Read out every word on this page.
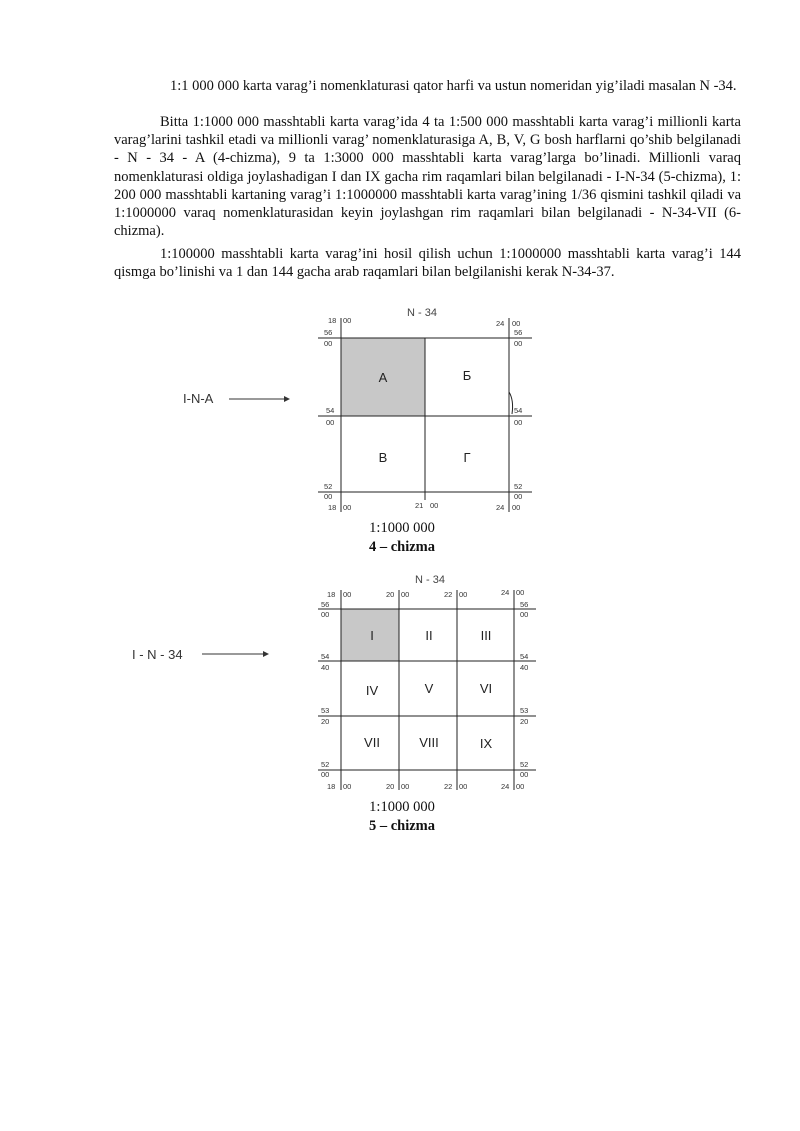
1:1 000 000 karta varag’i nomenklaturasi qator harfi va ustun nomeridan yig’iladi masalan N -34.

Bitta 1:1000 000 masshtabli karta varag’ida 4 ta 1:500 000 masshtabli karta varag’i millionli karta varag’larini tashkil etadi va millionli varag’ nomenklaturasiga A, B, V, G bosh harflarni qo’shib belgilanadi - N - 34 - A (4-chizma), 9 ta 1:3000 000 masshtabli karta varag’larga bo’linadi. Millionli varaq nomenklaturasi oldiga joylashadigan I dan IX gacha rim raqamlari bilan belgilanadi - I-N-34 (5-chizma), 1: 200 000 masshtabli kartaning varag’i 1:1000000 masshtabli karta varag’ining 1/36 qismini tashkil qiladi va 1:1000000 varaq nomenklaturasidan keyin joylashgan rim raqamlari bilan belgilanadi - N-34-VII (6-chizma).

1:100000 masshtabli karta varag’ini hosil qilish uchun 1:1000000 masshtabli karta varag’i 144 qismga bo’linishi va 1 dan 144 gacha arab raqamlari bilan belgilanishi kerak N-34-37.

N - 34
А	Б
В	Г
18 00	24 00
56
00
56
00
54
00
54
00
52
00
52
00
18 00	21 00	24 00
I-N-A
N - 34
I	II	III
IV	V	VI
VII	VIII	IX
18 00	20 00	22 00	24 00
56
00
54
40
53
20
52
00
56
00
54
40
53
20
52
00
18 00	20 00	22 00	24 00
I - N - 34
1:1000 000
4 – chizma
1:1000 000
5 – chizma
